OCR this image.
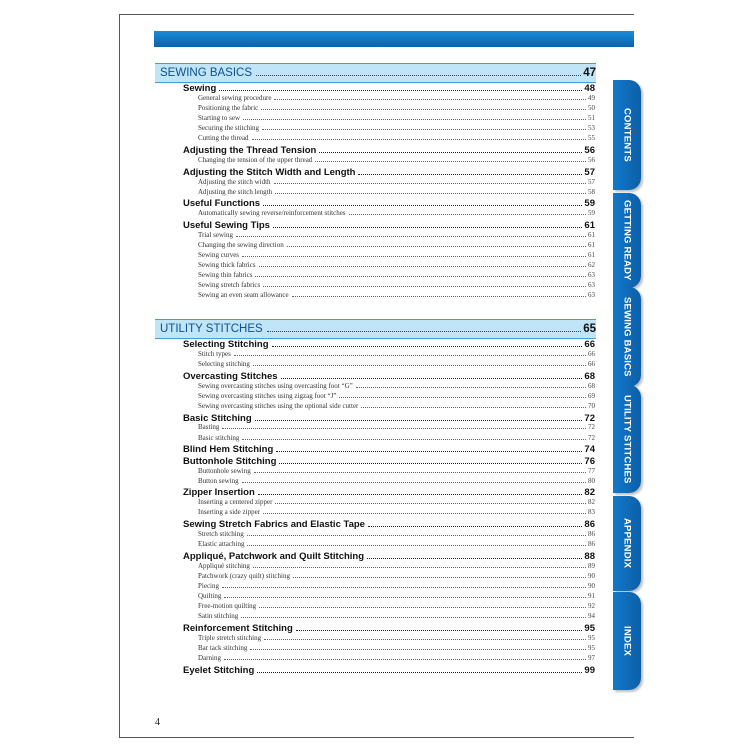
SEWING BASICS	47
Sewing	48
General sewing procedure	49
Positioning the fabric	50
Starting to sew	51
Securing the stitching	53
Cutting the thread	55
Adjusting the Thread Tension	56
Changing the tension of the upper thread	56
Adjusting the Stitch Width and Length	57
Adjusting the stitch width	57
Adjusting the stitch length	58
Useful Functions	59
Automatically sewing reverse/reinforcement stitches	59
Useful Sewing Tips	61
Trial sewing	61
Changing the sewing direction	61
Sewing curves	61
Sewing thick fabrics	62
Sewing thin fabrics	63
Sewing stretch fabrics	63
Sewing an even seam allowance	63
UTILITY STITCHES	65
Selecting Stitching	66
Stitch types	66
Selecting stitching	66
Overcasting Stitches	68
Sewing overcasting stitches using overcasting foot “G”	68
Sewing overcasting stitches using zigzag foot “J”	69
Sewing overcasting stitches using the optional side cutter	70
Basic Stitching	72
Basting	72
Basic stitching	72
Blind Hem Stitching	74
Buttonhole Stitching	76
Buttonhole sewing	77
Button sewing	80
Zipper Insertion	82
Inserting a centered zipper	82
Inserting a side zipper	83
Sewing Stretch Fabrics and Elastic Tape	86
Stretch stitching	86
Elastic attaching	86
Appliqué, Patchwork and Quilt Stitching	88
Appliqué stitching	89
Patchwork (crazy quilt) stitching	90
Piecing	90
Quilting	91
Free-motion quilting	92
Satin stitching	94
Reinforcement Stitching	95
Triple stretch stitching	95
Bar tack stitching	95
Darning	97
Eyelet Stitching	99
CONTENTS
GETTING READY
SEWING BASICS
UTILITY STITCHES
APPENDIX
INDEX
4
